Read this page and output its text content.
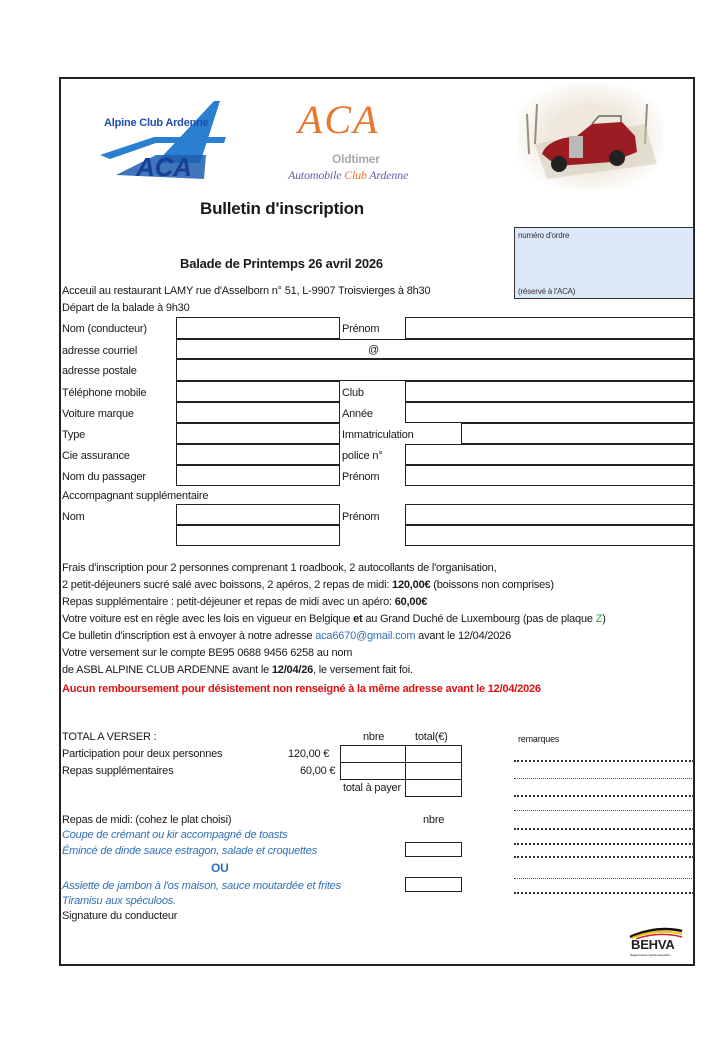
Alpine Club Ardenne
ACA
ACA
Oldtimer
Automobile Club Ardenne
Bulletin d'inscription
numéro d'ordre
(réservé à l'ACA)
Balade de Printemps 26 avril 2026
Acceuil au restaurant LAMY rue d'Asselborn n° 51, L-9907 Troisvierges à 8h30
Départ de la balade à 9h30
Nom (conducteur)	Prénom
adresse courriel	@
adresse postale
Téléphone mobile	Club
Voiture marque	Année
Type	Immatriculation
Cie assurance	police n°
Nom du passager	Prénom
Accompagnant supplémentaire
Nom	Prénom
Frais d'inscription pour 2 personnes comprenant 1 roadbook, 2 autocollants de l'organisation,
2 petit-déjeuners sucré salé avec boissons, 2 apéros, 2 repas de midi: 120,00€ (boissons non comprises)
Repas supplémentaire : petit-déjeuner et repas de midi avec un apéro: 60,00€
Votre voiture est en règle avec les lois en vigueur en Belgique et au Grand Duché de Luxembourg (pas de plaque Z)
Ce bulletin d'inscription est à envoyer à notre adresse aca6670@gmail.com avant le 12/04/2026
Votre versement sur le compte BE95 0688 9456 6258 au nom
de ASBL ALPINE CLUB ARDENNE avant le 12/04/26, le versement fait foi.
Aucun remboursement pour désistement non renseigné à la même adresse avant le 12/04/2026
TOTAL A VERSER :	nbre	total(€)
Participation pour deux personnes	120,00 €
Repas supplémentaires	60,00 €
total à payer
remarques
Repas de midi: (cohez le plat choisi)	nbre
Coupe de crémant ou kir accompagné de toasts
Émincé de dinde sauce estragon, salade et croquettes
OU
Assiette de jambon à l'os maison, sauce moutardée et frites
Tiramisu aux spéculoos.
Signature du conducteur
BEHVA
Belgian Historic Vehicle Association
